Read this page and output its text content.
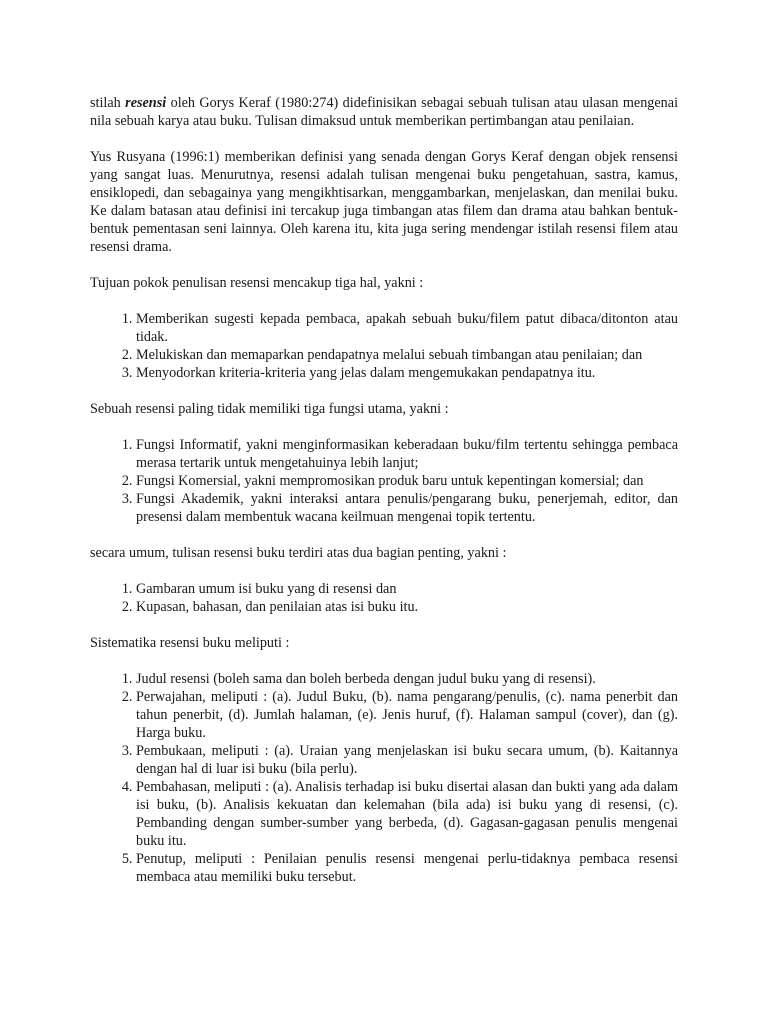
stilah resensi oleh Gorys Keraf (1980:274) didefinisikan sebagai sebuah tulisan atau ulasan mengenai nila sebuah karya atau buku. Tulisan dimaksud untuk memberikan pertimbangan atau penilaian.

Yus Rusyana (1996:1) memberikan definisi yang senada dengan Gorys Keraf dengan objek rensensi yang sangat luas. Menurutnya, resensi adalah tulisan mengenai buku pengetahuan, sastra, kamus, ensiklopedi, dan sebagainya yang mengikhtisarkan, menggambarkan, menjelaskan, dan menilai buku. Ke dalam batasan atau definisi ini tercakup juga timbangan atas filem dan drama atau bahkan bentuk-bentuk pementasan seni lainnya. Oleh karena itu, kita juga sering mendengar istilah resensi filem atau resensi drama.

Tujuan pokok penulisan resensi mencakup tiga hal, yakni :

1. Memberikan sugesti kepada pembaca, apakah sebuah buku/filem patut dibaca/ditonton atau tidak.
2. Melukiskan dan memaparkan pendapatnya melalui sebuah timbangan atau penilaian; dan
3. Menyodorkan kriteria-kriteria yang jelas dalam mengemukakan pendapatnya itu.

Sebuah resensi paling tidak memiliki tiga fungsi utama, yakni :

1. Fungsi Informatif, yakni menginformasikan keberadaan buku/film tertentu sehingga pembaca merasa tertarik untuk mengetahuinya lebih lanjut;
2. Fungsi Komersial, yakni mempromosikan produk baru untuk kepentingan komersial; dan
3. Fungsi Akademik, yakni interaksi antara penulis/pengarang buku, penerjemah, editor, dan presensi dalam membentuk wacana keilmuan mengenai topik tertentu.

secara umum, tulisan resensi buku terdiri atas dua bagian penting, yakni :

1. Gambaran umum isi buku yang di resensi dan
2. Kupasan, bahasan, dan penilaian atas isi buku itu.

Sistematika resensi buku meliputi :

1. Judul resensi (boleh sama dan boleh berbeda dengan judul buku yang di resensi).
2. Perwajahan, meliputi : (a). Judul Buku, (b). nama pengarang/penulis, (c). nama penerbit dan tahun penerbit, (d). Jumlah halaman, (e). Jenis huruf, (f). Halaman sampul (cover), dan (g). Harga buku.
3. Pembukaan, meliputi : (a). Uraian yang menjelaskan isi buku secara umum, (b). Kaitannya dengan hal di luar isi buku (bila perlu).
4. Pembahasan, meliputi : (a). Analisis terhadap isi buku disertai alasan dan bukti yang ada dalam isi buku, (b). Analisis kekuatan dan kelemahan (bila ada) isi buku yang di resensi, (c). Pembanding dengan sumber-sumber yang berbeda, (d). Gagasan-gagasan penulis mengenai buku itu.
5. Penutup, meliputi : Penilaian penulis resensi mengenai perlu-tidaknya pembaca resensi membaca atau memiliki buku tersebut.
